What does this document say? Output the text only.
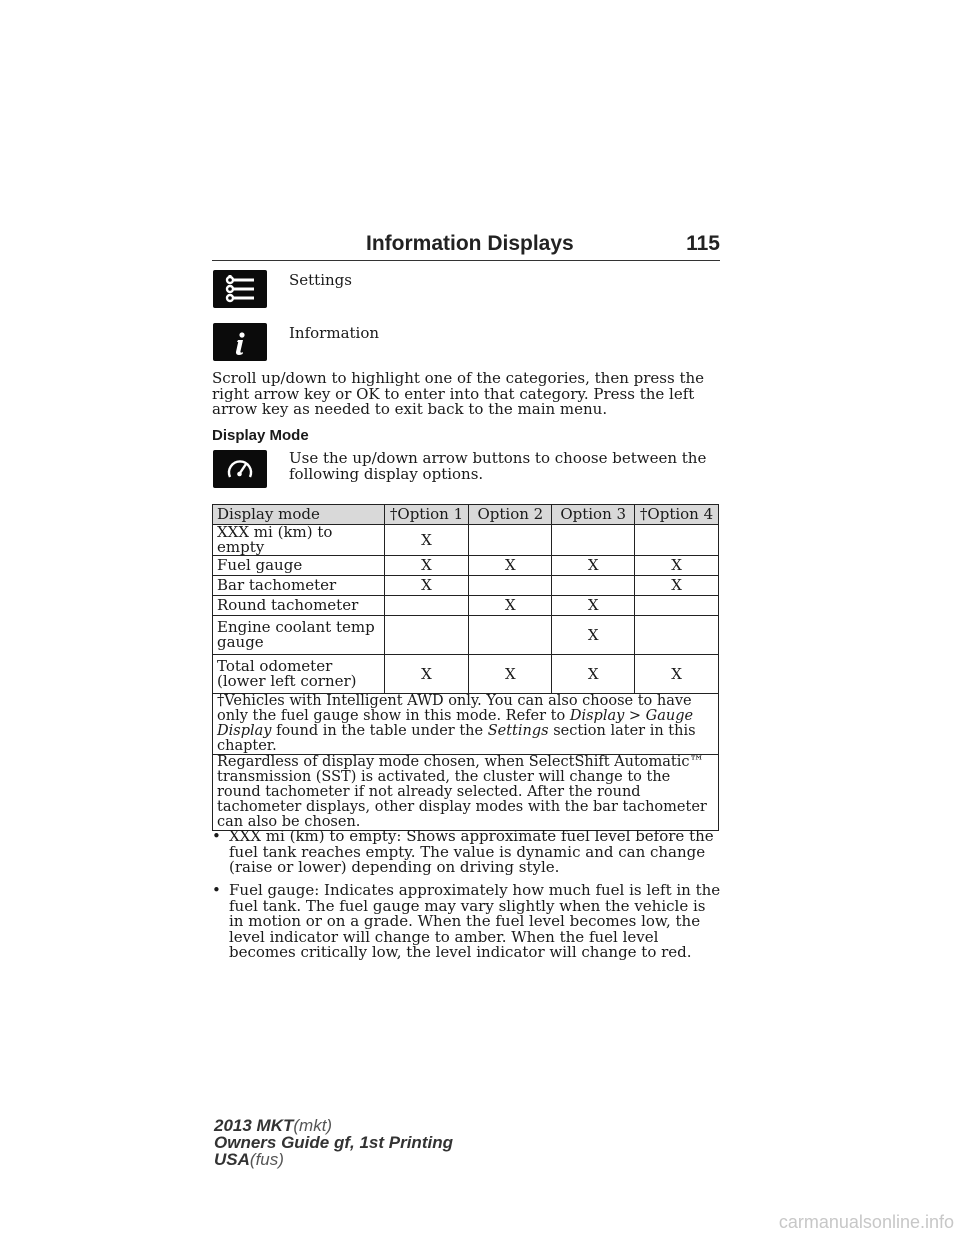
Information Displays	115
Settings
Information
Scroll up/down to highlight one of the categories, then press the right arrow key or OK to enter into that category. Press the left arrow key as needed to exit back to the main menu.
Display Mode
Use the up/down arrow buttons to choose between the following display options.
Display mode	†Option 1	Option 2	Option 3	†Option 4
XXX mi (km) to empty	X			
Fuel gauge	X	X	X	X
Bar tachometer	X			X
Round tachometer		X	X	
Engine coolant temp gauge			X	
Total odometer (lower left corner)	X	X	X	X
†Vehicles with Intelligent AWD only. You can also choose to have only the fuel gauge show in this mode. Refer to Display > Gauge Display found in the table under the Settings section later in this chapter.				
Regardless of display mode chosen, when SelectShift Automatic™ transmission (SST) is activated, the cluster will change to the round tachometer if not already selected. After the round tachometer displays, other display modes with the bar tachometer can also be chosen.				
• XXX mi (km) to empty: Shows approximate fuel level before the fuel tank reaches empty. The value is dynamic and can change (raise or lower) depending on driving style.
• Fuel gauge: Indicates approximately how much fuel is left in the fuel tank. The fuel gauge may vary slightly when the vehicle is in motion or on a grade. When the fuel level becomes low, the level indicator will change to amber. When the fuel level becomes critically low, the level indicator will change to red.
2013 MKT(mkt)
Owners Guide gf, 1st Printing
USA(fus)
carmanualsonline.info
